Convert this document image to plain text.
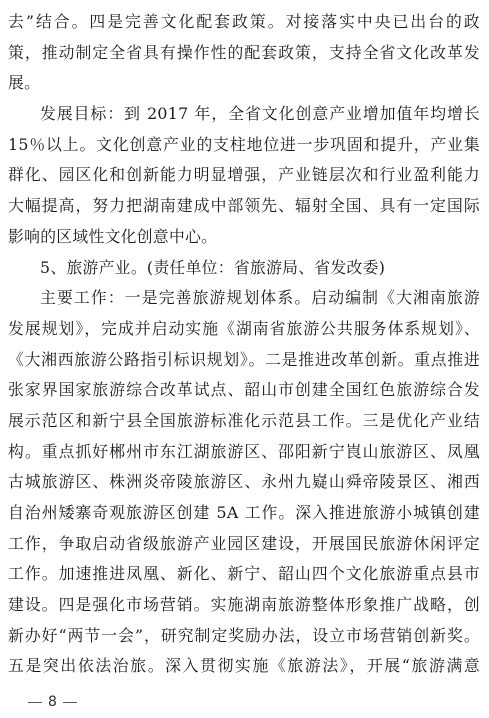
去”结合。四是完善文化配套政策。对接落实中央已出台的政
策，推动制定全省具有操作性的配套政策，支持全省文化改革发
展。
发展目标：到 2017 年，全省文化创意产业增加值年均增长
15％以上。文化创意产业的支柱地位进一步巩固和提升，产业集
群化、园区化和创新能力明显增强，产业链层次和行业盈利能力
大幅提高，努力把湖南建成中部领先、辐射全国、具有一定国际
影响的区域性文化创意中心。
5、旅游产业。(责任单位：省旅游局、省发改委)
主要工作：一是完善旅游规划体系。启动编制《大湘南旅游
发展规划》，完成并启动实施《湖南省旅游公共服务体系规划》、
《大湘西旅游公路指引标识规划》。二是推进改革创新。重点推进
张家界国家旅游综合改革试点、韶山市创建全国红色旅游综合发
展示范区和新宁县全国旅游标准化示范县工作。三是优化产业结
构。重点抓好郴州市东江湖旅游区、邵阳新宁崀山旅游区、凤凰
古城旅游区、株洲炎帝陵旅游区、永州九嶷山舜帝陵景区、湘西
自治州矮寨奇观旅游区创建 5A 工作。深入推进旅游小城镇创建
工作，争取启动省级旅游产业园区建设，开展国民旅游休闲评定
工作。加速推进凤凰、新化、新宁、韶山四个文化旅游重点县市
建设。四是强化市场营销。实施湖南旅游整体形象推广战略，创
新办好“两节一会”，研究制定奖励办法，设立市场营销创新奖。
五是突出依法治旅。深入贯彻实施《旅游法》，开展“旅游满意
8
